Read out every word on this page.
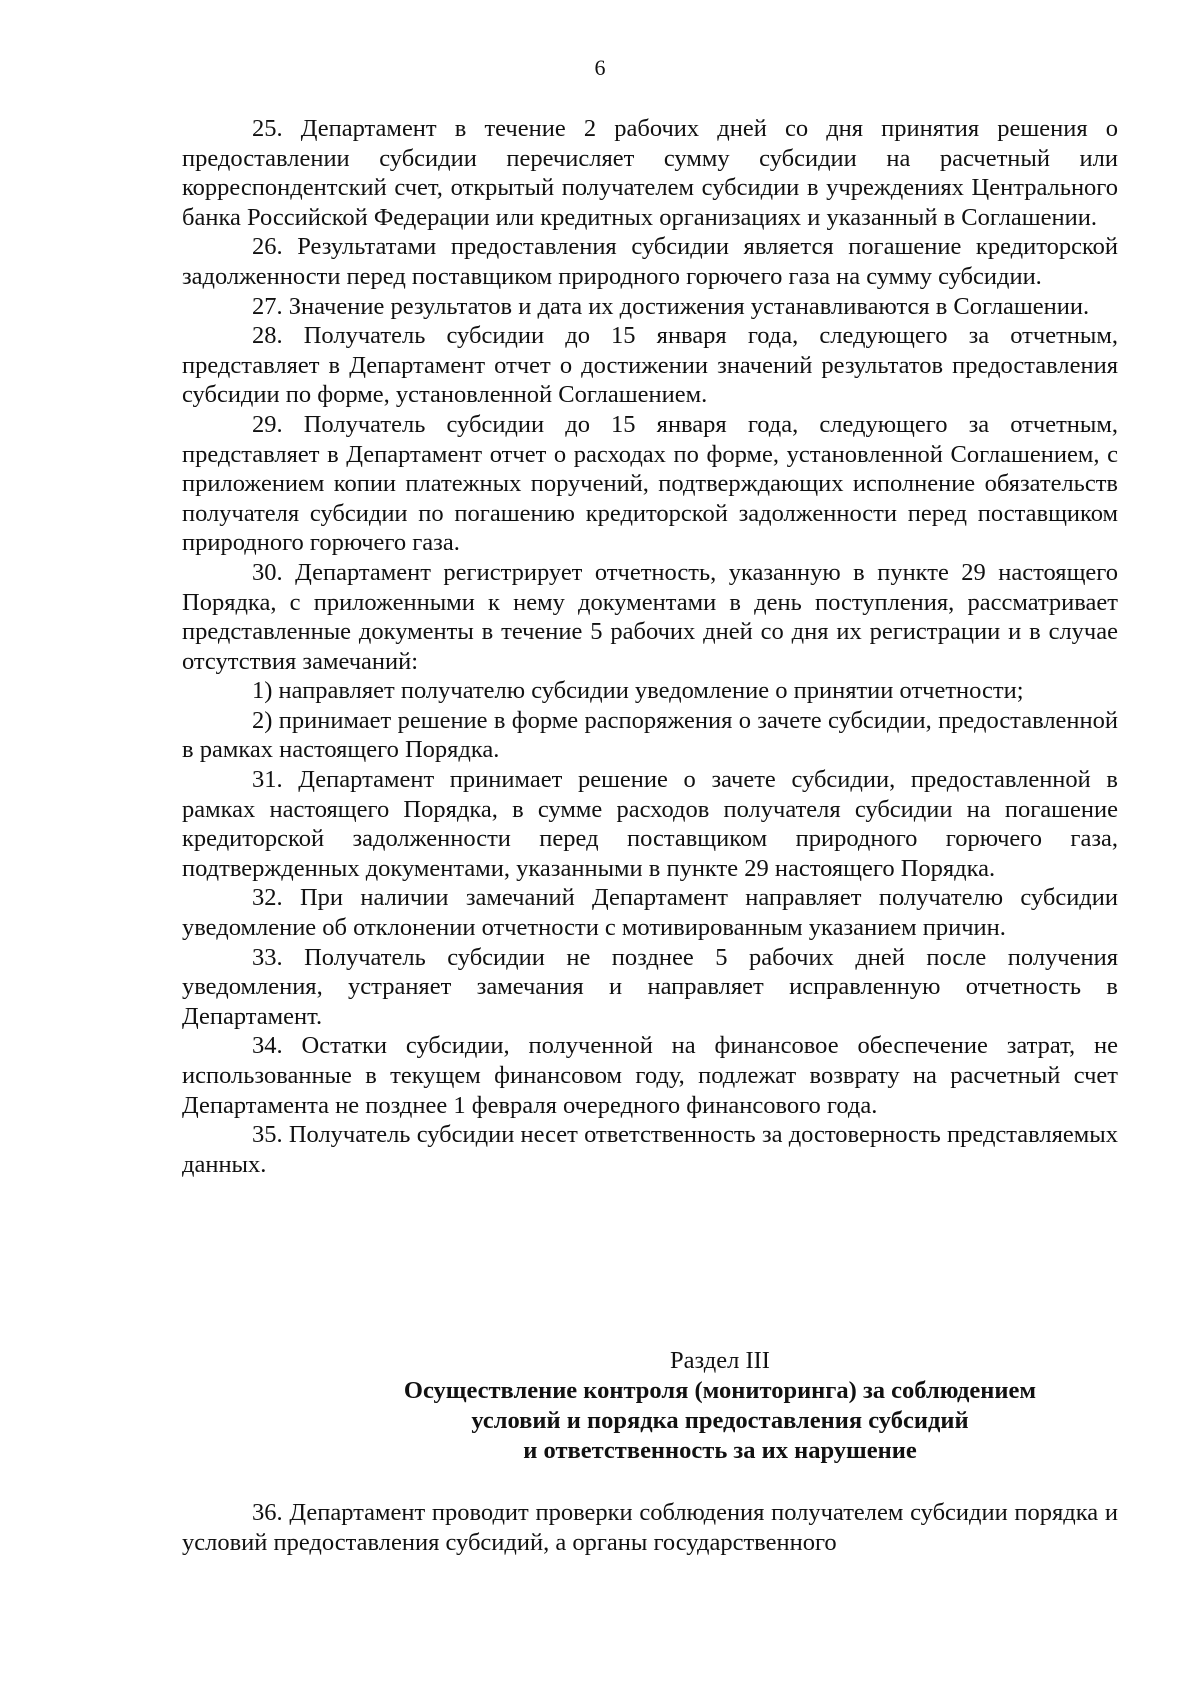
6

25. Департамент в течение 2 рабочих дней со дня принятия решения о предоставлении субсидии перечисляет сумму субсидии на расчетный или корреспондентский счет, открытый получателем субсидии в учреждениях Центрального банка Российской Федерации или кредитных организациях и указанный в Соглашении.

26. Результатами предоставления субсидии является погашение кредиторской задолженности перед поставщиком природного горючего газа на сумму субсидии.

27. Значение результатов и дата их достижения устанавливаются в Соглашении.

28. Получатель субсидии до 15 января года, следующего за отчетным, представляет в Департамент отчет о достижении значений результатов предоставления субсидии по форме, установленной Соглашением.

29. Получатель субсидии до 15 января года, следующего за отчетным, представляет в Департамент отчет о расходах по форме, установленной Соглашением, с приложением копии платежных поручений, подтверждающих исполнение обязательств получателя субсидии по погашению кредиторской задолженности перед поставщиком природного горючего газа.

30. Департамент регистрирует отчетность, указанную в пункте 29 настоящего Порядка, с приложенными к нему документами в день поступления, рассматривает представленные документы в течение 5 рабочих дней со дня их регистрации и в случае отсутствия замечаний:

1) направляет получателю субсидии уведомление о принятии отчетности;

2) принимает решение в форме распоряжения о зачете субсидии, предоставленной в рамках настоящего Порядка.

31. Департамент принимает решение о зачете субсидии, предоставленной в рамках настоящего Порядка, в сумме расходов получателя субсидии на погашение кредиторской задолженности перед поставщиком природного горючего газа, подтвержденных документами, указанными в пункте 29 настоящего Порядка.

32. При наличии замечаний Департамент направляет получателю субсидии уведомление об отклонении отчетности с мотивированным указанием причин.

33. Получатель субсидии не позднее 5 рабочих дней после получения уведомления, устраняет замечания и направляет исправленную отчетность в Департамент.

34. Остатки субсидии, полученной на финансовое обеспечение затрат, не использованные в текущем финансовом году, подлежат возврату на расчетный счет Департамента не позднее 1 февраля очередного финансового года.

35. Получатель субсидии несет ответственность за достоверность представляемых данных.

Раздел III

Осуществление контроля (мониторинга) за соблюдением

условий и порядка предоставления субсидий

и ответственность за их нарушение

36. Департамент проводит проверки соблюдения получателем субсидии порядка и условий предоставления субсидий, а органы государственного
